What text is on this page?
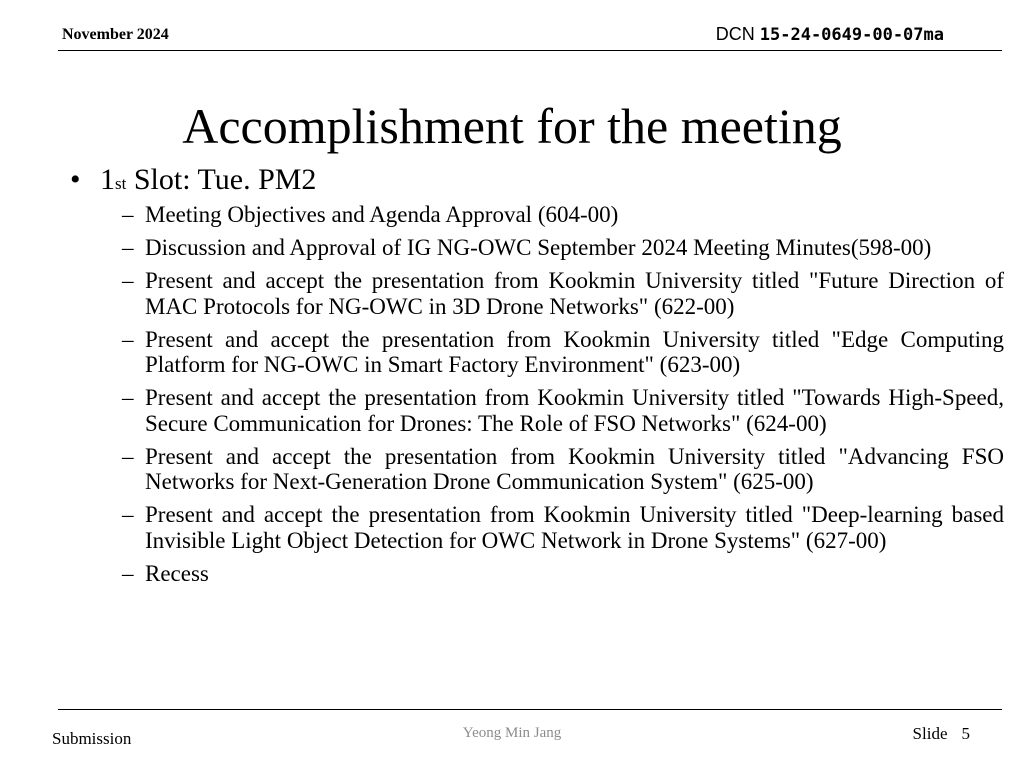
November 2024	DCN 15-24-0649-00-07ma
Accomplishment for the meeting
• 1st Slot: Tue. PM2
– Meeting Objectives and Agenda Approval (604-00)
– Discussion and Approval of IG NG-OWC September 2024 Meeting Minutes(598-00)
– Present and accept the presentation from Kookmin University titled "Future Direction of MAC Protocols for NG-OWC in 3D Drone Networks" (622-00)
– Present and accept the presentation from Kookmin University titled "Edge Computing Platform for NG-OWC in Smart Factory Environment" (623-00)
– Present and accept the presentation from Kookmin University titled "Towards High-Speed, Secure Communication for Drones: The Role of FSO Networks" (624-00)
– Present and accept the presentation from Kookmin University titled "Advancing FSO Networks for Next-Generation Drone Communication System" (625-00)
– Present and accept the presentation from Kookmin University titled "Deep-learning based Invisible Light Object Detection for OWC Network in Drone Systems" (627-00)
– Recess
Submission	Yeong Min Jang	Slide 5
